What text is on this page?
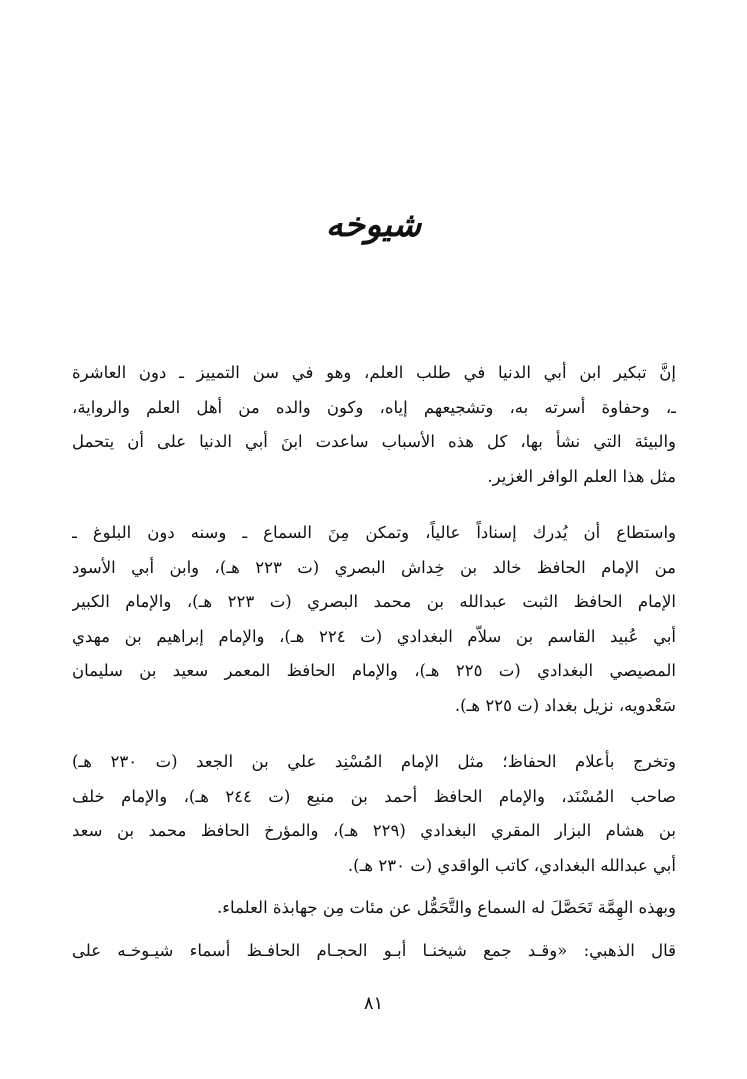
شيوخه
إنَّ تبكير ابن أبي الدنيا في طلب العلم، وهو في سن التمييز ـ دون العاشرة
ـ، وحفاوة أسرته به، وتشجيعهم إياه، وكون والده من أهل العلم والرواية،
والبيئة التي نشأ بها، كل هذه الأسباب ساعدت ابنَ أبي الدنيا على أن يتحمل
مثل هذا العلم الوافر الغزير.
واستطاع أن يُدرك إسناداً عالياً، وتمكن مِنَ السماع ـ وسنه دون البلوغ ـ
من الإمام الحافظ خالد بن خِداش البصري (ت ٢٢٣ هـ)، وابن أبي الأسود
الإمام الحافظ الثبت عبدالله بن محمد البصري (ت ٢٢٣ هـ)، والإمام الكبير
أبي عُبيد القاسم بن سلاّم البغدادي (ت ٢٢٤ هـ)، والإمام إبراهيم بن مهدي
المصيصي البغدادي (ت ٢٢٥ هـ)، والإمام الحافظ المعمر سعيد بن سليمان
سَعْدويه، نزيل بغداد (ت ٢٢٥ هـ).
وتخرج بأعلام الحفاظ؛ مثل الإمام المُسْنِد علي بن الجعد (ت ٢٣٠ هـ)
صاحب المُسْنَد، والإمام الحافظ أحمد بن منيع (ت ٢٤٤ هـ)، والإمام خلف
بن هشام البزار المقري البغدادي (٢٢٩ هـ)، والمؤرخ الحافظ محمد بن سعد
أبي عبدالله البغدادي، كاتب الواقدي (ت ٢٣٠ هـ).
وبهذه الهِمَّة تَحَصَّلَ له السماع والتَّحَمُّل عن مئات مِن جهابذة العلماء.
قال الذهبي: «وقـد جمع شيخنـا أبـو الحجـام الحافـظ أسماء شيـوخـه على
٨١
